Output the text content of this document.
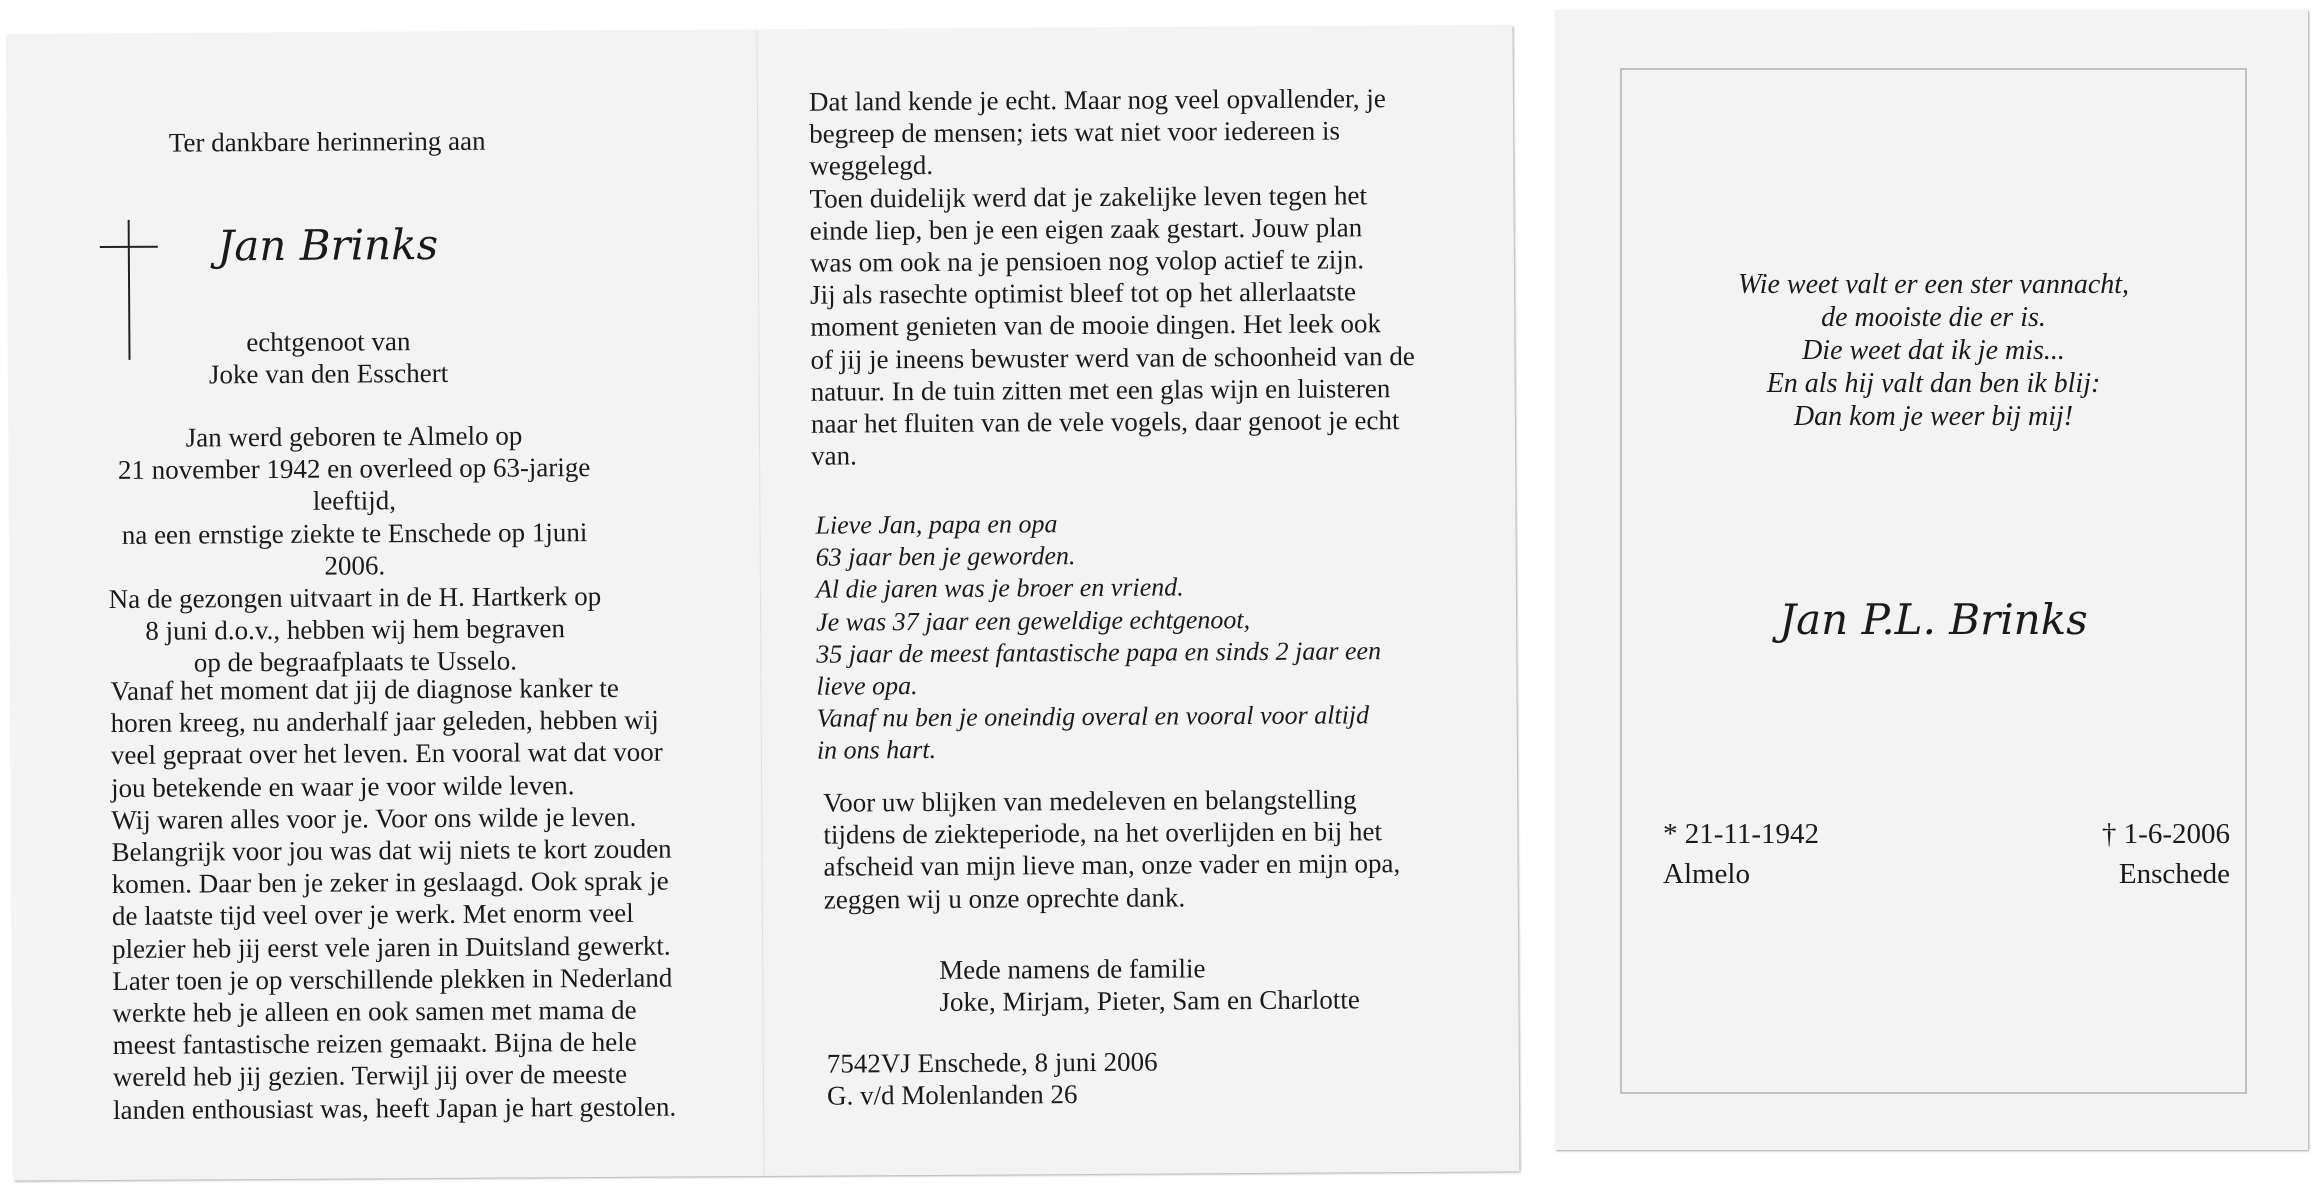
Ter dankbare herinnering aan
Jan Brinks
echtgenoot van
Joke van den Esschert
Jan werd geboren te Almelo op
21 november 1942 en overleed op 63-jarige leeftijd,
na een ernstige ziekte te Enschede op 1juni 2006.
Na de gezongen uitvaart in de H. Hartkerk op
8 juni d.o.v., hebben wij hem begraven
op de begraafplaats te Usselo.
Vanaf het moment dat jij de diagnose kanker te
horen kreeg, nu anderhalf jaar geleden, hebben wij
veel gepraat over het leven. En vooral wat dat voor
jou betekende en waar je voor wilde leven.
Wij waren alles voor je. Voor ons wilde je leven.
Belangrijk voor jou was dat wij niets te kort zouden
komen. Daar ben je zeker in geslaagd. Ook sprak je
de laatste tijd veel over je werk. Met enorm veel
plezier heb jij eerst vele jaren in Duitsland gewerkt.
Later toen je op verschillende plekken in Nederland
werkte heb je alleen en ook samen met mama de
meest fantastische reizen gemaakt. Bijna de hele
wereld heb jij gezien. Terwijl jij over de meeste
landen enthousiast was, heeft Japan je hart gestolen.
Dat land kende je echt. Maar nog veel opvallender, je
begreep de mensen; iets wat niet voor iedereen is
weggelegd.
Toen duidelijk werd dat je zakelijke leven tegen het
einde liep, ben je een eigen zaak gestart. Jouw plan
was om ook na je pensioen nog volop actief te zijn.
Jij als rasechte optimist bleef tot op het allerlaatste
moment genieten van de mooie dingen. Het leek ook
of jij je ineens bewuster werd van de schoonheid van de
natuur. In de tuin zitten met een glas wijn en luisteren
naar het fluiten van de vele vogels, daar genoot je echt
van.
Lieve Jan, papa en opa
63 jaar ben je geworden.
Al die jaren was je broer en vriend.
Je was 37 jaar een geweldige echtgenoot,
35 jaar de meest fantastische papa en sinds 2 jaar een
lieve opa.
Vanaf nu ben je oneindig overal en vooral voor altijd
in ons hart.
Voor uw blijken van medeleven en belangstelling
tijdens de ziekteperiode, na het overlijden en bij het
afscheid van mijn lieve man, onze vader en mijn opa,
zeggen wij u onze oprechte dank.
Mede namens de familie
Joke, Mirjam, Pieter, Sam en Charlotte
7542VJ Enschede, 8 juni 2006
G. v/d Molenlanden 26
Wie weet valt er een ster vannacht,
de mooiste die er is.
Die weet dat ik je mis...
En als hij valt dan ben ik blij:
Dan kom je weer bij mij!
Jan P.L. Brinks
* 21-11-1942
Almelo
† 1-6-2006
Enschede
